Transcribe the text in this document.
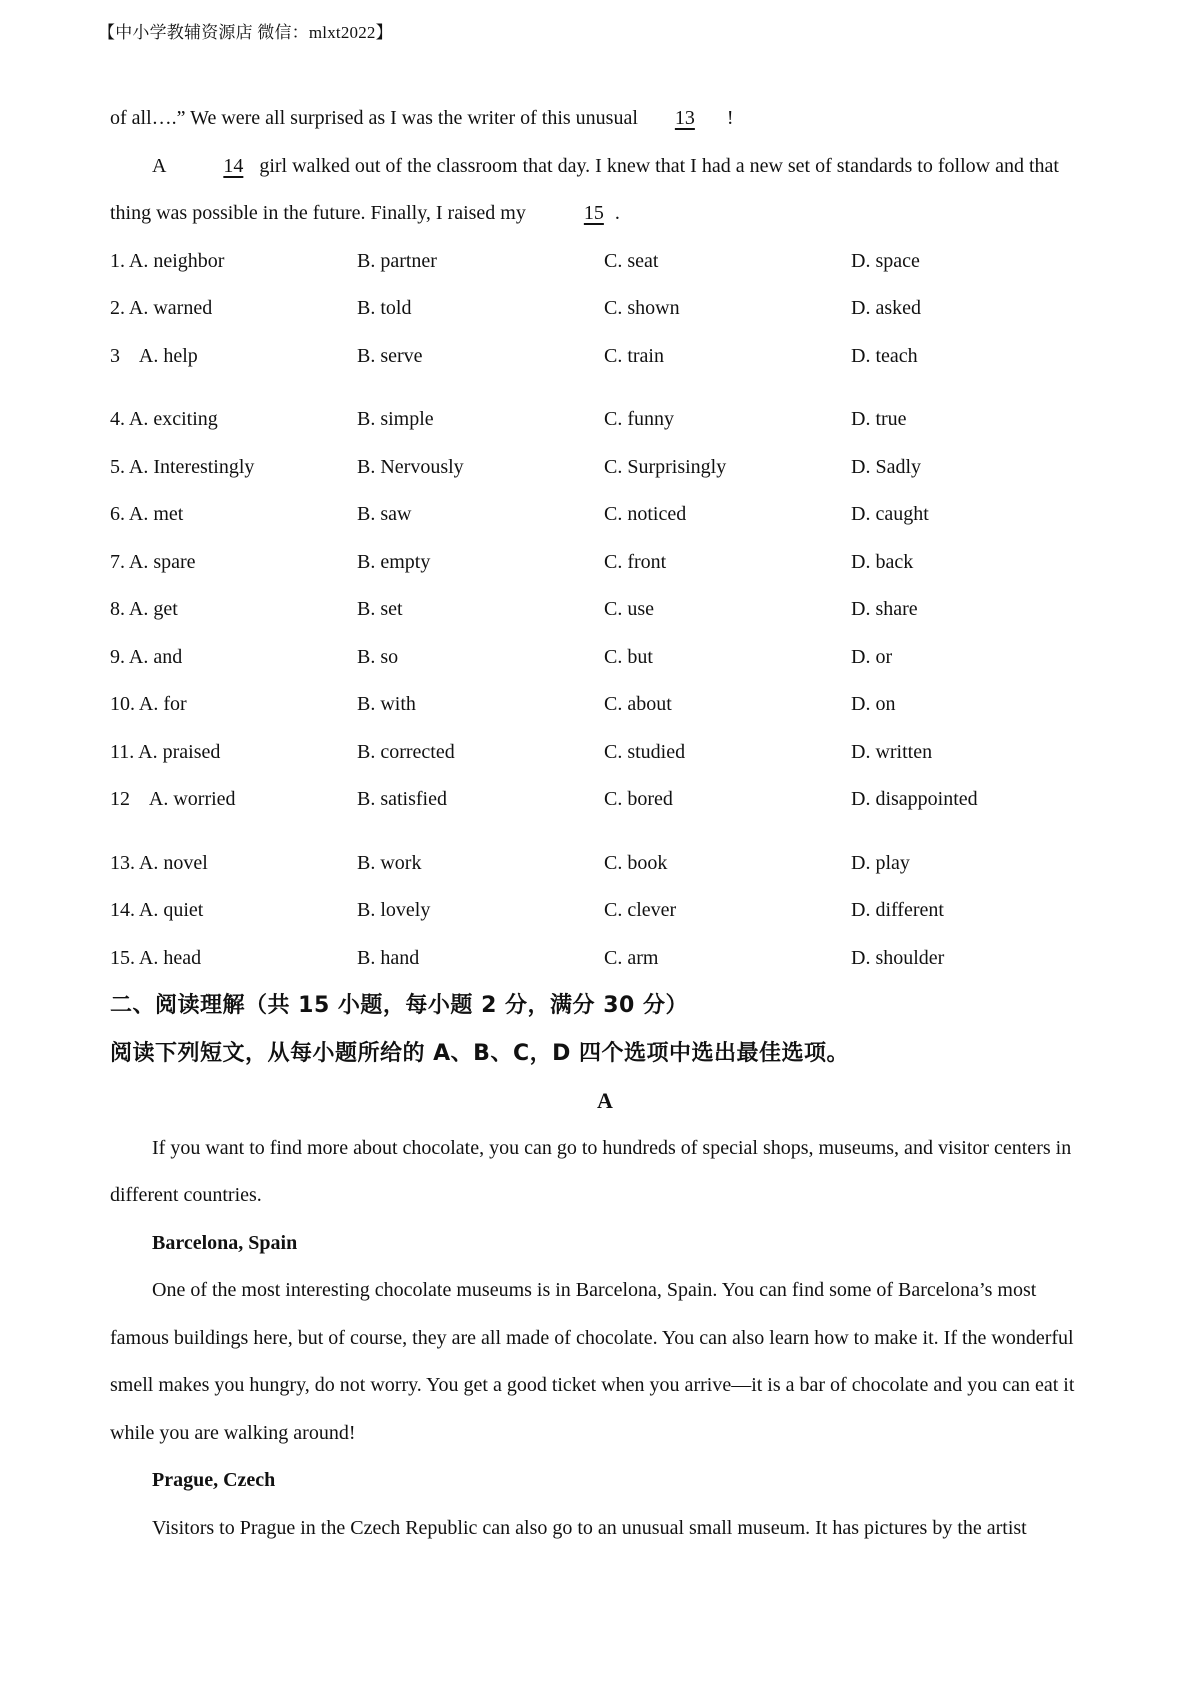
【中小学教辅资源店 微信：mlxt2022】

of all….” We were all surprised as I was the writer of this unusual 13 !

A	14 girl walked out of the classroom that day. I knew that I had a new set of standards to follow and that thing was possible in the future. Finally, I raised my	15 .

1. A. neighbor	B. partner	C. seat	D. space
2. A. warned	B. told	C. shown	D. asked
3    A. help	B. serve	C. train	D. teach
4. A. exciting	B. simple	C. funny	D. true
5. A. Interestingly	B. Nervously	C. Surprisingly	D. Sadly
6. A. met	B. saw	C. noticed	D. caught
7. A. spare	B. empty	C. front	D. back
8. A. get	B. set	C. use	D. share
9. A. and	B. so	C. but	D. or
10. A. for	B. with	C. about	D. on
11. A. praised	B. corrected	C. studied	D. written
12    A. worried	B. satisfied	C. bored	D. disappointed
13. A. novel	B. work	C. book	D. play
14. A. quiet	B. lovely	C. clever	D. different
15. A. head	B. hand	C. arm	D. shoulder

二、阅读理解（共 15 小题，每小题 2 分，满分 30 分）

阅读下列短文，从每小题所给的 A、B、C，D 四个选项中选出最佳选项。

A

If you want to find more about chocolate, you can go to hundreds of special shops, museums, and visitor centers in different countries.

Barcelona, Spain

One of the most interesting chocolate museums is in Barcelona, Spain. You can find some of Barcelona’s most famous buildings here, but of course, they are all made of chocolate. You can also learn how to make it. If the wonderful smell makes you hungry, do not worry. You get a good ticket when you arrive—it is a bar of chocolate and you can eat it while you are walking around!

Prague, Czech

Visitors to Prague in the Czech Republic can also go to an unusual small museum. It has pictures by the artist
